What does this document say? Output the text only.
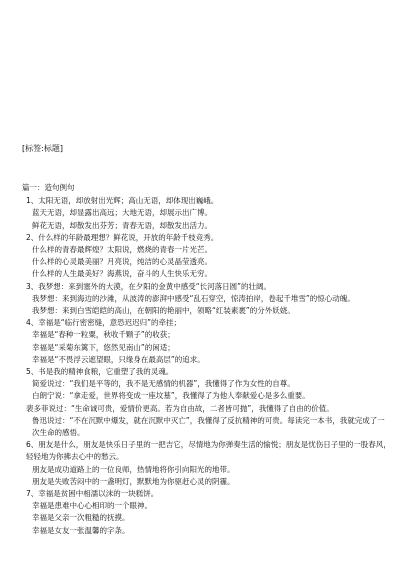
[标签:标题]
篇一：造句例句
1、太阳无语，却放射出光辉；高山无语，却体现出巍峨。
蓝天无语，却显露出高远；大地无语，却展示出广博。
鲜花无语，却散发出芬芳；青春无语，却散发出活力。
2、什么样的年龄最理想？鲜花说，开放的年龄千枝竞秀。
什么样的青春最辉煌？太阳说，燃烧的青春一片光芒。
什么样的心灵最美丽？月亮说，纯洁的心灵晶莹透亮。
什么样的人生最美好？海燕说，奋斗的人生快乐无穷。
3、我梦想：来到塞外的大漠，在夕阳的金黄中感受“长河落日圆”的壮阔。
我梦想：来到海边的沙滩，从波涛的澎湃中感受“乱石穿空，惊涛拍岸，卷起千堆雪”的惊心动魄。
我梦想：来到白雪皑皑的高山，在朝阳的艳丽中，领略“红装素裹”的分外妖娆。
4、幸福是“临行密密缝，意恐迟迟归”的牵挂；
幸福是“春种一粒粟，秋收千颗子”的收获；
幸福是“采菊东篱下，悠然见南山”的闲适；
幸福是“不畏浮云遮望眼，只缘身在最高层”的追求。
5、书是我的精神食粮，它重塑了我的灵魂。
简爱说过：“我们是平等的，我不是无感情的机器”，我懂得了作为女性的自尊。
白朗宁说：“拿走爱，世界将变成一座坟墓”，我懂得了为他人奉献爱心是多么重要。
裴多菲说过：“生命诚可贵，爱情价更高。若为自由故，二者皆可抛”，我懂得了自由的价值。
鲁迅说过：“不在沉默中爆发，就在沉默中灭亡”，我懂得了反抗精神的可贵。每读完一本书，我就完成了一次生命的感悟。
6、朋友是什么，朋友是快乐日子里的一把吉它，尽情地为你弹奏生活的愉悦；朋友是忧伤日子里的一股春风，轻轻地为你拂去心中的愁云。
朋友是成功道路上的一位良师，热情地将你引向阳光的地带。
朋友是失败苦闷中的一盏明灯，默默地为你驱赶心灵的阴霾。
7、幸福是贫困中相濡以沫的一块糕饼。
幸福是患难中心心相印的一个眼神。
幸福是父亲一次粗糙的抚摸。
幸福是女友一张温馨的字条。
